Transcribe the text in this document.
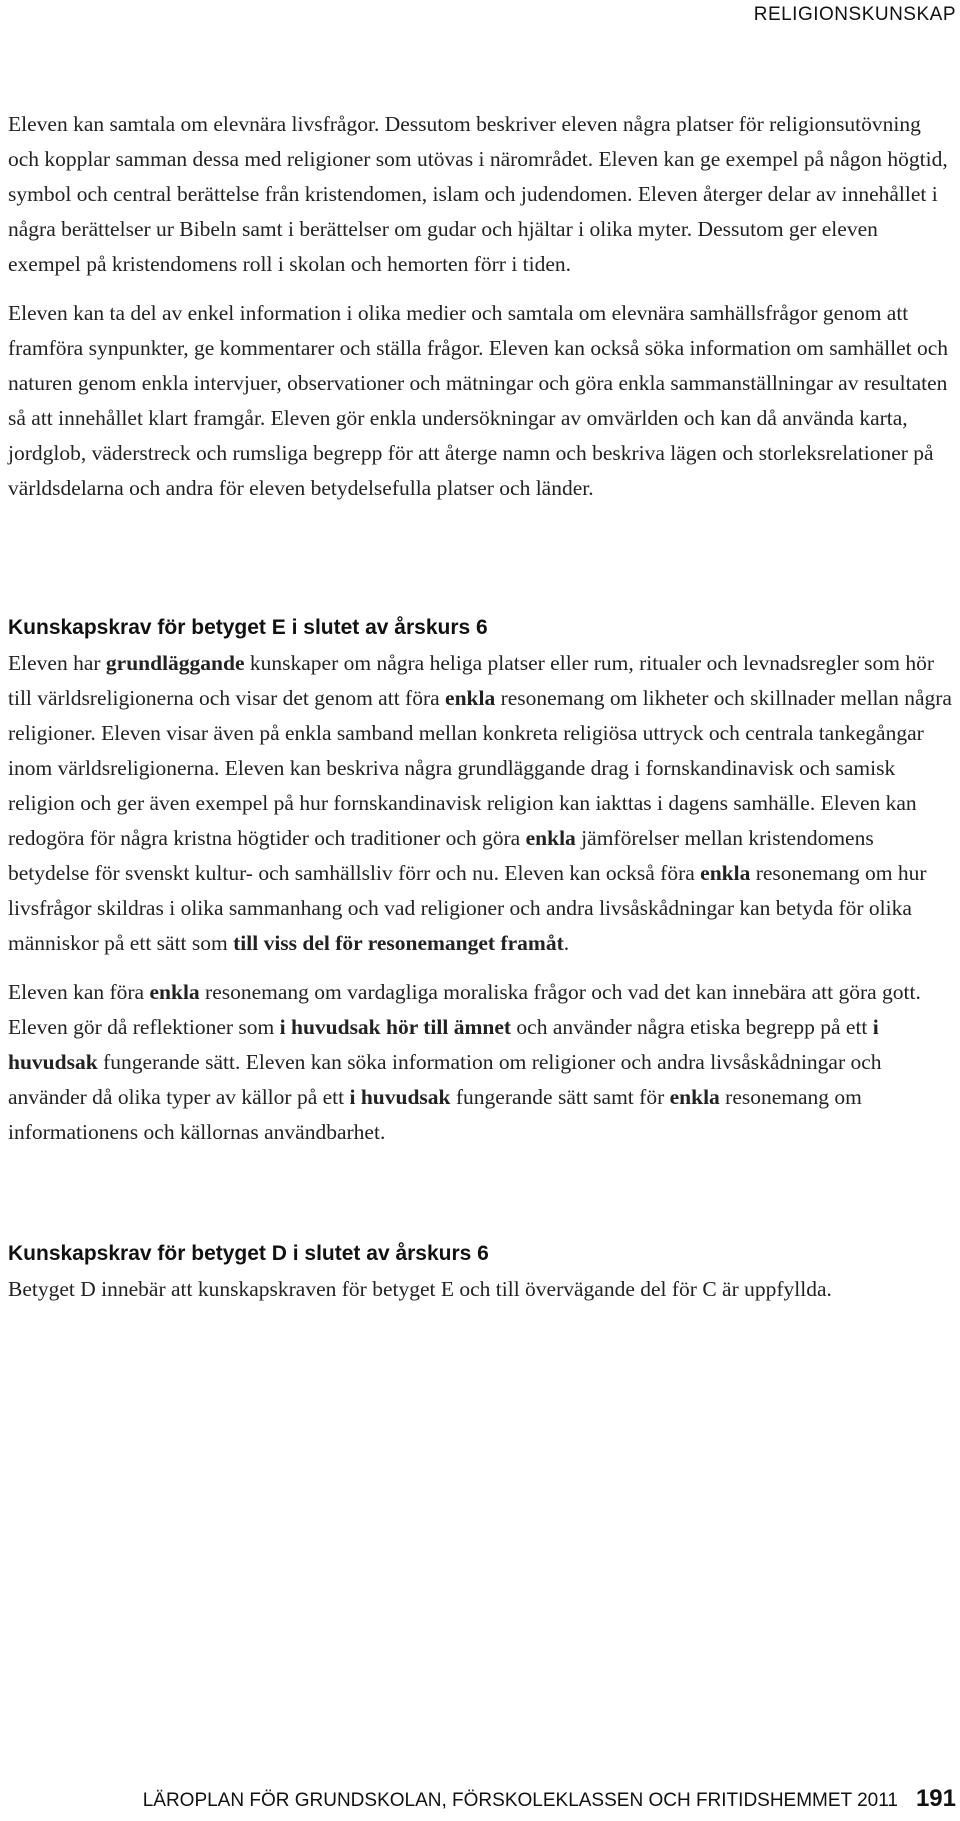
RELIGIONSKUNSKAP

Eleven kan samtala om elevnära livsfrågor. Dessutom beskriver eleven några platser för religionsutövning och kopplar samman dessa med religioner som utövas i närområdet. Eleven kan ge exempel på någon högtid, symbol och central berättelse från kristendomen, islam och judendomen. Eleven återger delar av innehållet i några berättelser ur Bibeln samt i berättelser om gudar och hjältar i olika myter. Dessutom ger eleven exempel på kristendomens roll i skolan och hemorten förr i tiden.

Eleven kan ta del av enkel information i olika medier och samtala om elevnära samhällsfrågor genom att framföra synpunkter, ge kommentarer och ställa frågor. Eleven kan också söka information om samhället och naturen genom enkla intervjuer, observationer och mätningar och göra enkla sammanställningar av resultaten så att innehållet klart framgår. Eleven gör enkla undersökningar av omvärlden och kan då använda karta, jordglob, väderstreck och rumsliga begrepp för att återge namn och beskriva lägen och storleksrelationer på världsdelarna och andra för eleven betydelsefulla platser och länder.

Kunskapskrav för betyget E i slutet av årskurs 6

Eleven har grundläggande kunskaper om några heliga platser eller rum, ritualer och levnadsregler som hör till världsreligionerna och visar det genom att föra enkla resonemang om likheter och skillnader mellan några religioner. Eleven visar även på enkla samband mellan konkreta religiösa uttryck och centrala tankegångar inom världsreligionerna. Eleven kan beskriva några grundläggande drag i fornskandinavisk och samisk religion och ger även exempel på hur fornskandinavisk religion kan iakttas i dagens samhälle. Eleven kan redogöra för några kristna högtider och traditioner och göra enkla jämförelser mellan kristendomens betydelse för svenskt kultur- och samhällsliv förr och nu. Eleven kan också föra enkla resonemang om hur livsfrågor skildras i olika sammanhang och vad religioner och andra livsåskådningar kan betyda för olika människor på ett sätt som till viss del för resonemanget framåt.

Eleven kan föra enkla resonemang om vardagliga moraliska frågor och vad det kan innebära att göra gott. Eleven gör då reflektioner som i huvudsak hör till ämnet och använder några etiska begrepp på ett i huvudsak fungerande sätt. Eleven kan söka information om religioner och andra livsåskådningar och använder då olika typer av källor på ett i huvudsak fungerande sätt samt för enkla resonemang om informationens och källornas användbarhet.

Kunskapskrav för betyget D i slutet av årskurs 6

Betyget D innebär att kunskapskraven för betyget E och till övervägande del för C är uppfyllda.

LÄROPLAN FÖR GRUNDSKOLAN, FÖRSKOLEKLASSEN OCH FRITIDSHEMMET 2011 191
